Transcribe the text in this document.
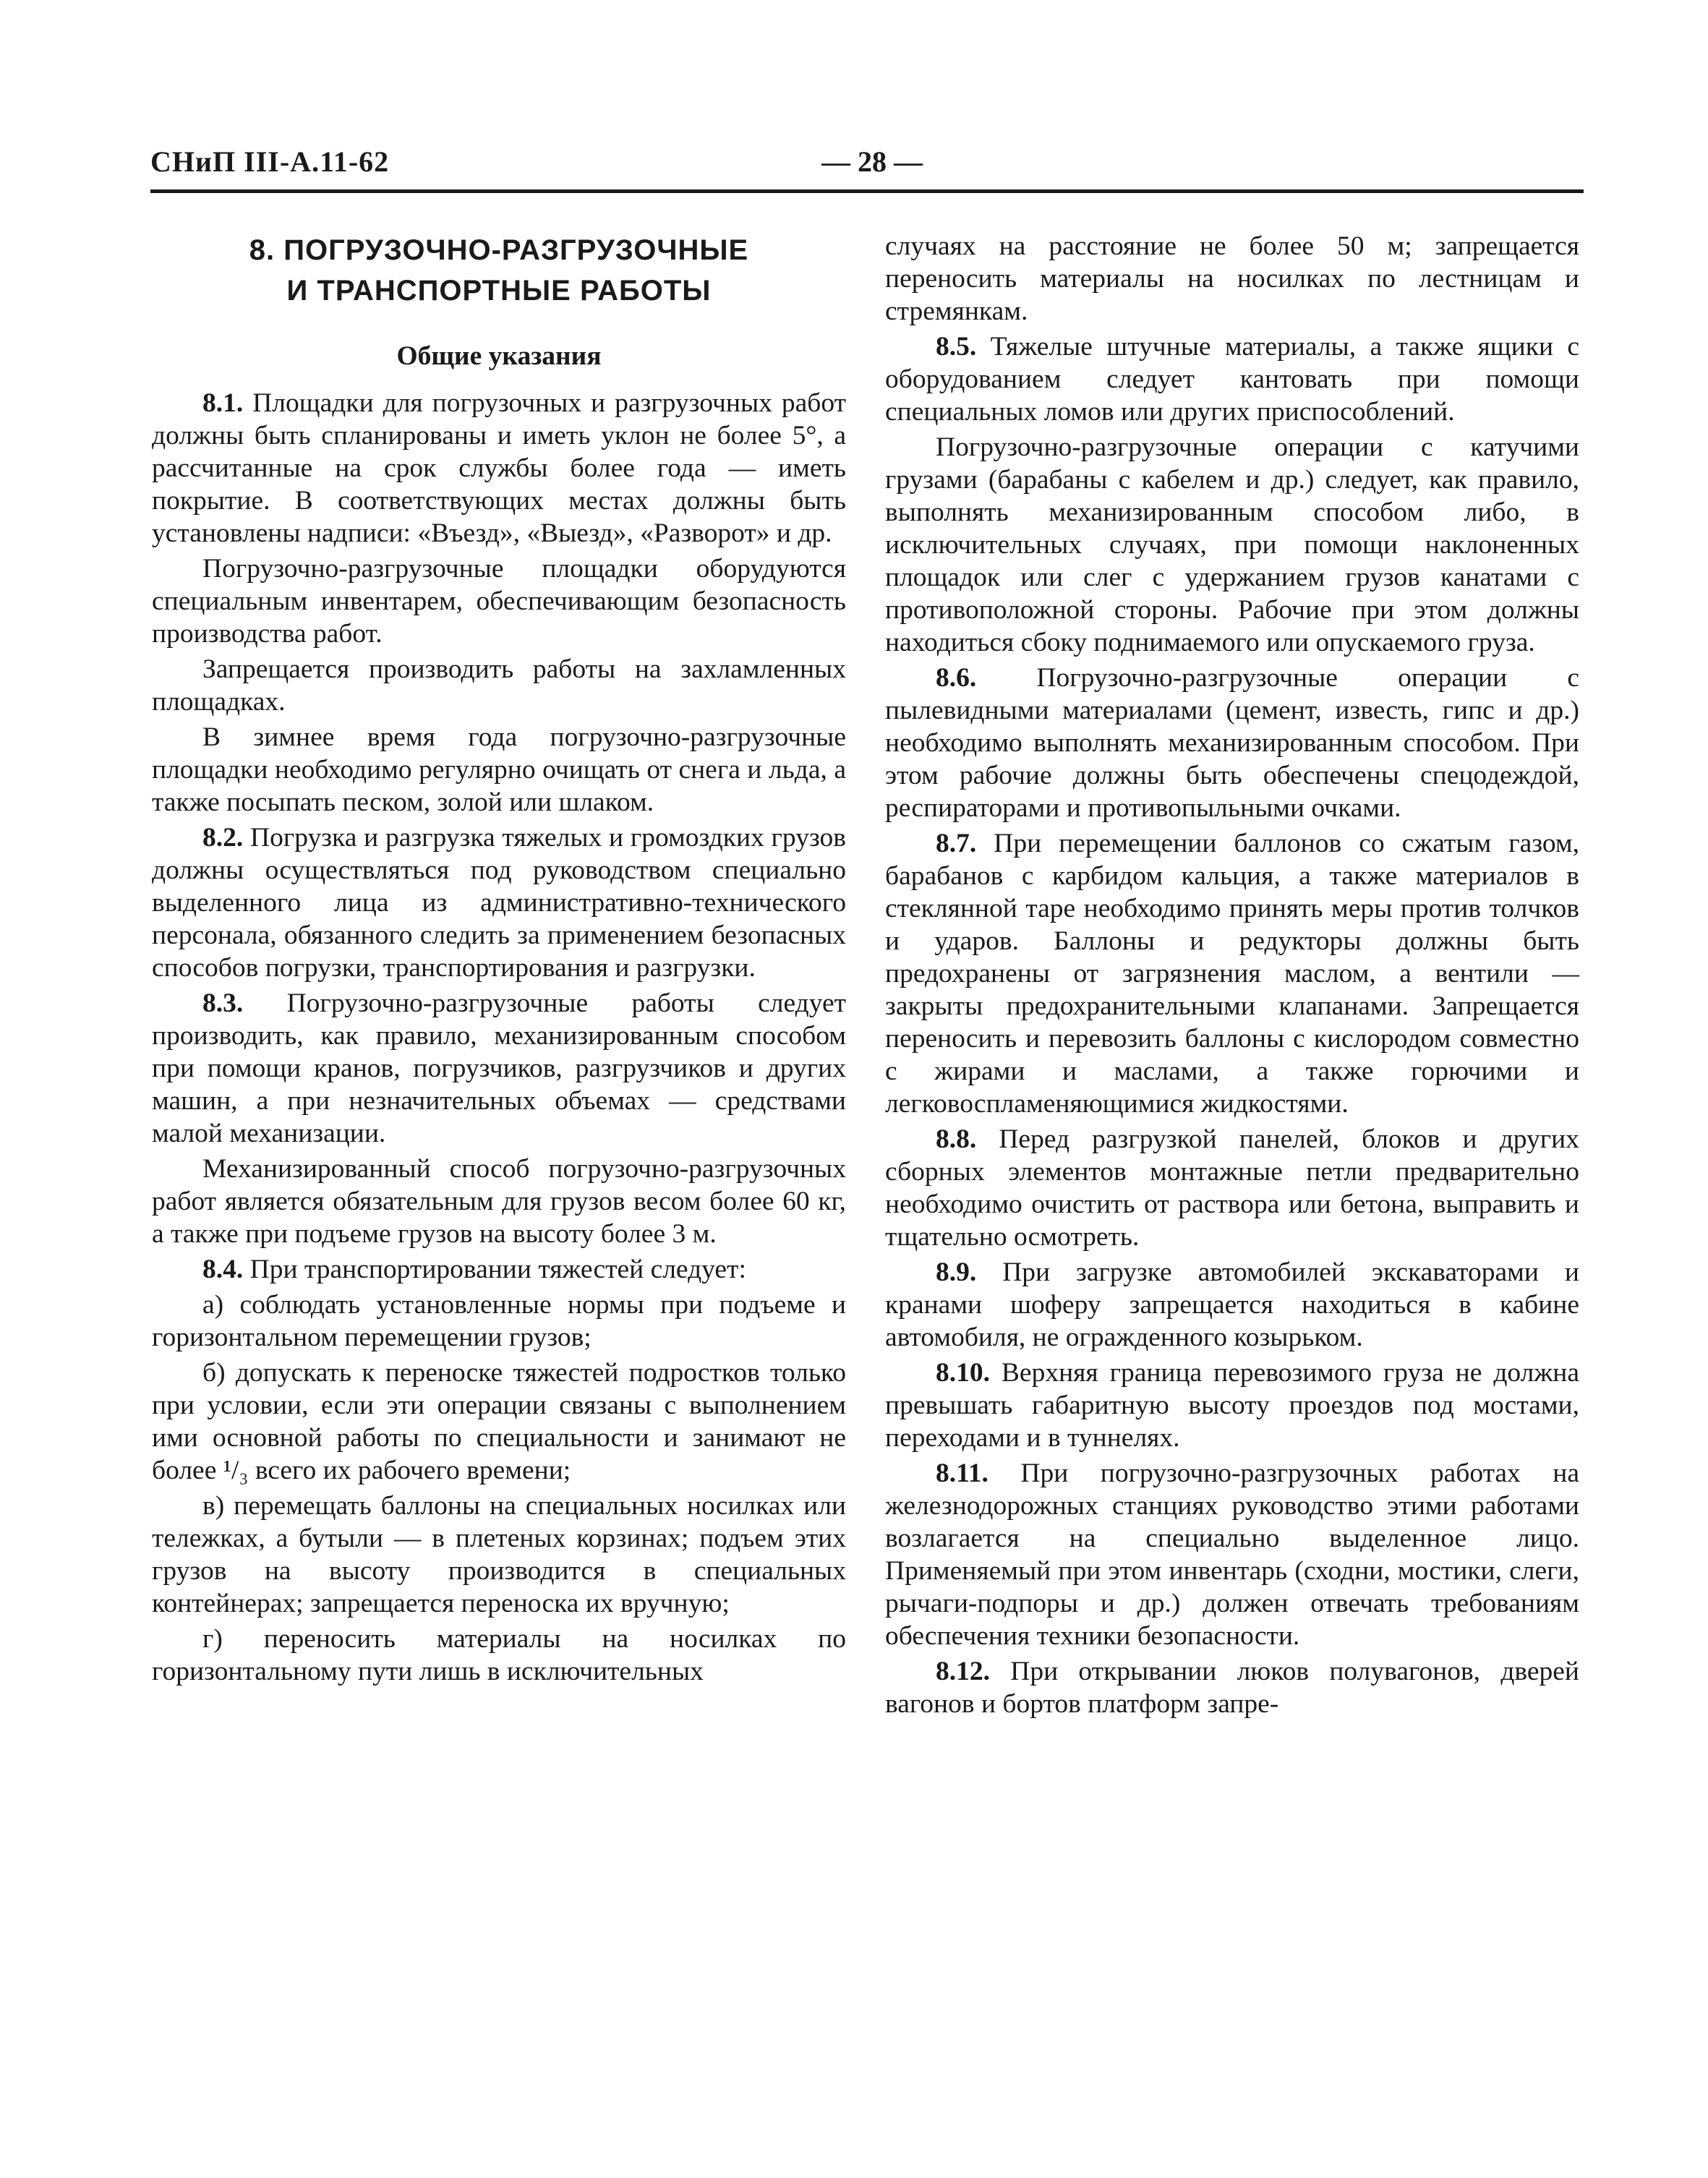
СНиП III-А.11-62	— 28 —
8. ПОГРУЗОЧНО-РАЗГРУЗОЧНЫЕ
И ТРАНСПОРТНЫЕ РАБОТЫ
Общие указания

8.1. Площадки для погрузочных и разгрузочных работ должны быть спланированы и иметь уклон не более 5°, а рассчитанные на срок службы более года — иметь покрытие. В соответствующих местах должны быть установлены надписи: «Въезд», «Выезд», «Разворот» и др.

Погрузочно-разгрузочные площадки оборудуются специальным инвентарем, обеспечивающим безопасность производства работ.

Запрещается производить работы на захламленных площадках.

В зимнее время года погрузочно-разгрузочные площадки необходимо регулярно очищать от снега и льда, а также посыпать песком, золой или шлаком.

8.2. Погрузка и разгрузка тяжелых и громоздких грузов должны осуществляться под руководством специально выделенного лица из административно-технического персонала, обязанного следить за применением безопасных способов погрузки, транспортирования и разгрузки.

8.3. Погрузочно-разгрузочные работы следует производить, как правило, механизированным способом при помощи кранов, погрузчиков, разгрузчиков и других машин, а при незначительных объемах — средствами малой механизации.

Механизированный способ погрузочно-разгрузочных работ является обязательным для грузов весом более 60 кг, а также при подъеме грузов на высоту более 3 м.

8.4. При транспортировании тяжестей следует:

а) соблюдать установленные нормы при подъеме и горизонтальном перемещении грузов;

б) допускать к переноске тяжестей подростков только при условии, если эти операции связаны с выполнением ими основной работы по специальности и занимают не более ¹/₃ всего их рабочего времени;

в) перемещать баллоны на специальных носилках или тележках, а бутыли — в плетеных корзинах; подъем этих грузов на высоту производится в специальных контейнерах; запрещается переноска их вручную;

г) переносить материалы на носилках по горизонтальному пути лишь в исключительных

случаях на расстояние не более 50 м; запрещается переносить материалы на носилках по лестницам и стремянкам.

8.5. Тяжелые штучные материалы, а также ящики с оборудованием следует кантовать при помощи специальных ломов или других приспособлений.

Погрузочно-разгрузочные операции с катучими грузами (барабаны с кабелем и др.) следует, как правило, выполнять механизированным способом либо, в исключительных случаях, при помощи наклоненных площадок или слег с удержанием грузов канатами с противоположной стороны. Рабочие при этом должны находиться сбоку поднимаемого или опускаемого груза.

8.6. Погрузочно-разгрузочные операции с пылевидными материалами (цемент, известь, гипс и др.) необходимо выполнять механизированным способом. При этом рабочие должны быть обеспечены спецодеждой, респираторами и противопыльными очками.

8.7. При перемещении баллонов со сжатым газом, барабанов с карбидом кальция, а также материалов в стеклянной таре необходимо принять меры против толчков и ударов. Баллоны и редукторы должны быть предохранены от загрязнения маслом, а вентили — закрыты предохранительными клапанами. Запрещается переносить и перевозить баллоны с кислородом совместно с жирами и маслами, а также горючими и легковоспламеняющимися жидкостями.

8.8. Перед разгрузкой панелей, блоков и других сборных элементов монтажные петли предварительно необходимо очистить от раствора или бетона, выправить и тщательно осмотреть.

8.9. При загрузке автомобилей экскаваторами и кранами шоферу запрещается находиться в кабине автомобиля, не огражденного козырьком.

8.10. Верхняя граница перевозимого груза не должна превышать габаритную высоту проездов под мостами, переходами и в туннелях.

8.11. При погрузочно-разгрузочных работах на железнодорожных станциях руководство этими работами возлагается на специально выделенное лицо. Применяемый при этом инвентарь (сходни, мостики, слеги, рычаги-подпоры и др.) должен отвечать требованиям обеспечения техники безопасности.

8.12. При открывании люков полувагонов, дверей вагонов и бортов платформ запре-
